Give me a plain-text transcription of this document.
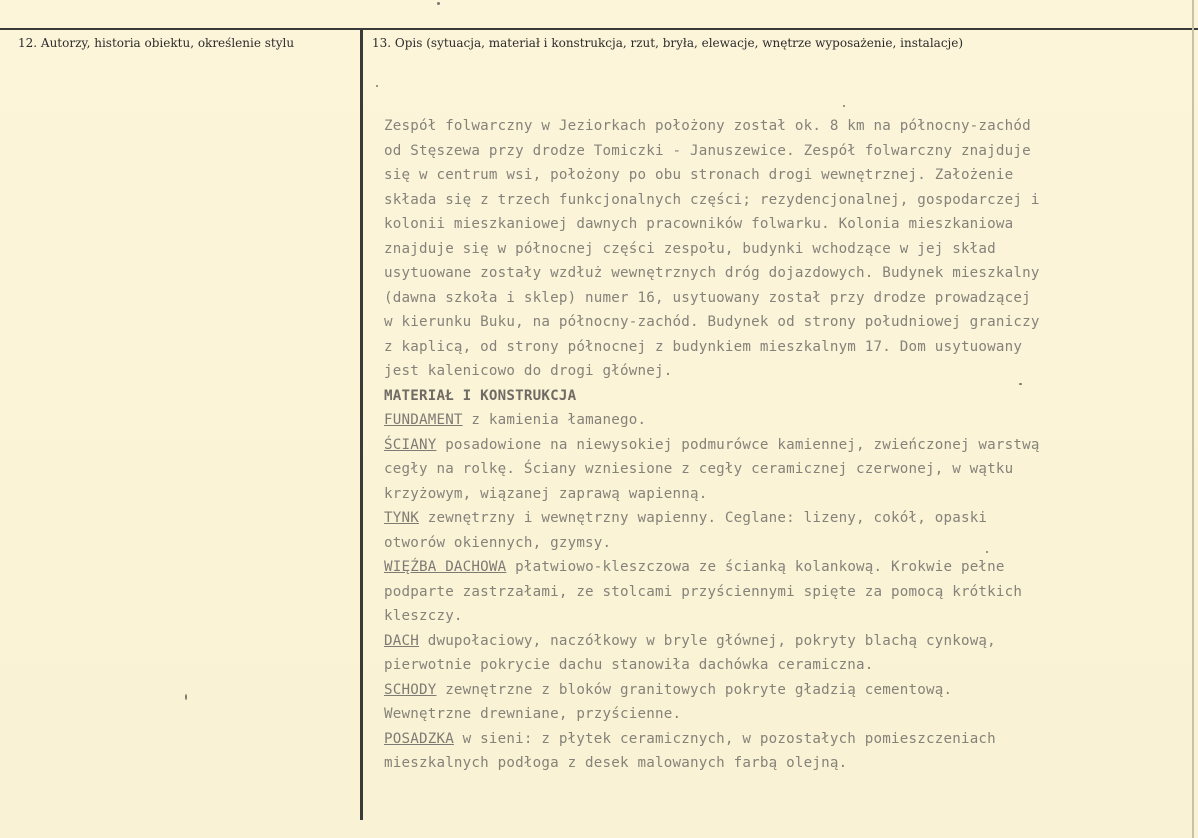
12. Autorzy, historia obiektu, określenie stylu	13. Opis (sytuacja, materiał i konstrukcja, rzut, bryła, elewacje, wnętrze wyposażenie, instalacje)
Zespół folwarczny w Jeziorkach położony został ok. 8 km na północny-zachód
od Stęszewa przy drodze Tomiczki - Januszewice. Zespół folwarczny znajduje
się w centrum wsi, położony po obu stronach drogi wewnętrznej. Założenie
składa się z trzech funkcjonalnych części; rezydencjonalnej, gospodarczej i
kolonii mieszkaniowej dawnych pracowników folwarku. Kolonia mieszkaniowa
znajduje się w północnej części zespołu, budynki wchodzące w jej skład
usytuowane zostały wzdłuż wewnętrznych dróg dojazdowych. Budynek mieszkalny
(dawna szkoła i sklep) numer 16, usytuowany został przy drodze prowadzącej
w kierunku Buku, na północny-zachód. Budynek od strony południowej graniczy
z kaplicą, od strony północnej z budynkiem mieszkalnym 17. Dom usytuowany
jest kalenicowo do drogi głównej.
MATERIAŁ I KONSTRUKCJA
FUNDAMENT z kamienia łamanego.
ŚCIANY posadowione na niewysokiej podmurówce kamiennej, zwieńczonej warstwą
cegły na rolkę. Ściany wzniesione z cegły ceramicznej czerwonej, w wątku
krzyżowym, wiązanej zaprawą wapienną.
TYNK zewnętrzny i wewnętrzny wapienny. Ceglane: lizeny, cokół, opaski
otworów okiennych, gzymsy.
WIĘŹBA DACHOWA płatwiowo-kleszczowa ze ścianką kolankową. Krokwie pełne
podparte zastrzałami, ze stolcami przyściennymi spięte za pomocą krótkich
kleszczy.
DACH dwupołaciowy, naczółkowy w bryle głównej, pokryty blachą cynkową,
pierwotnie pokrycie dachu stanowiła dachówka ceramiczna.
SCHODY zewnętrzne z bloków granitowych pokryte gładzią cementową.
Wewnętrzne drewniane, przyścienne.
POSADZKA w sieni: z płytek ceramicznych, w pozostałych pomieszczeniach
mieszkalnych podłoga z desek malowanych farbą olejną.
